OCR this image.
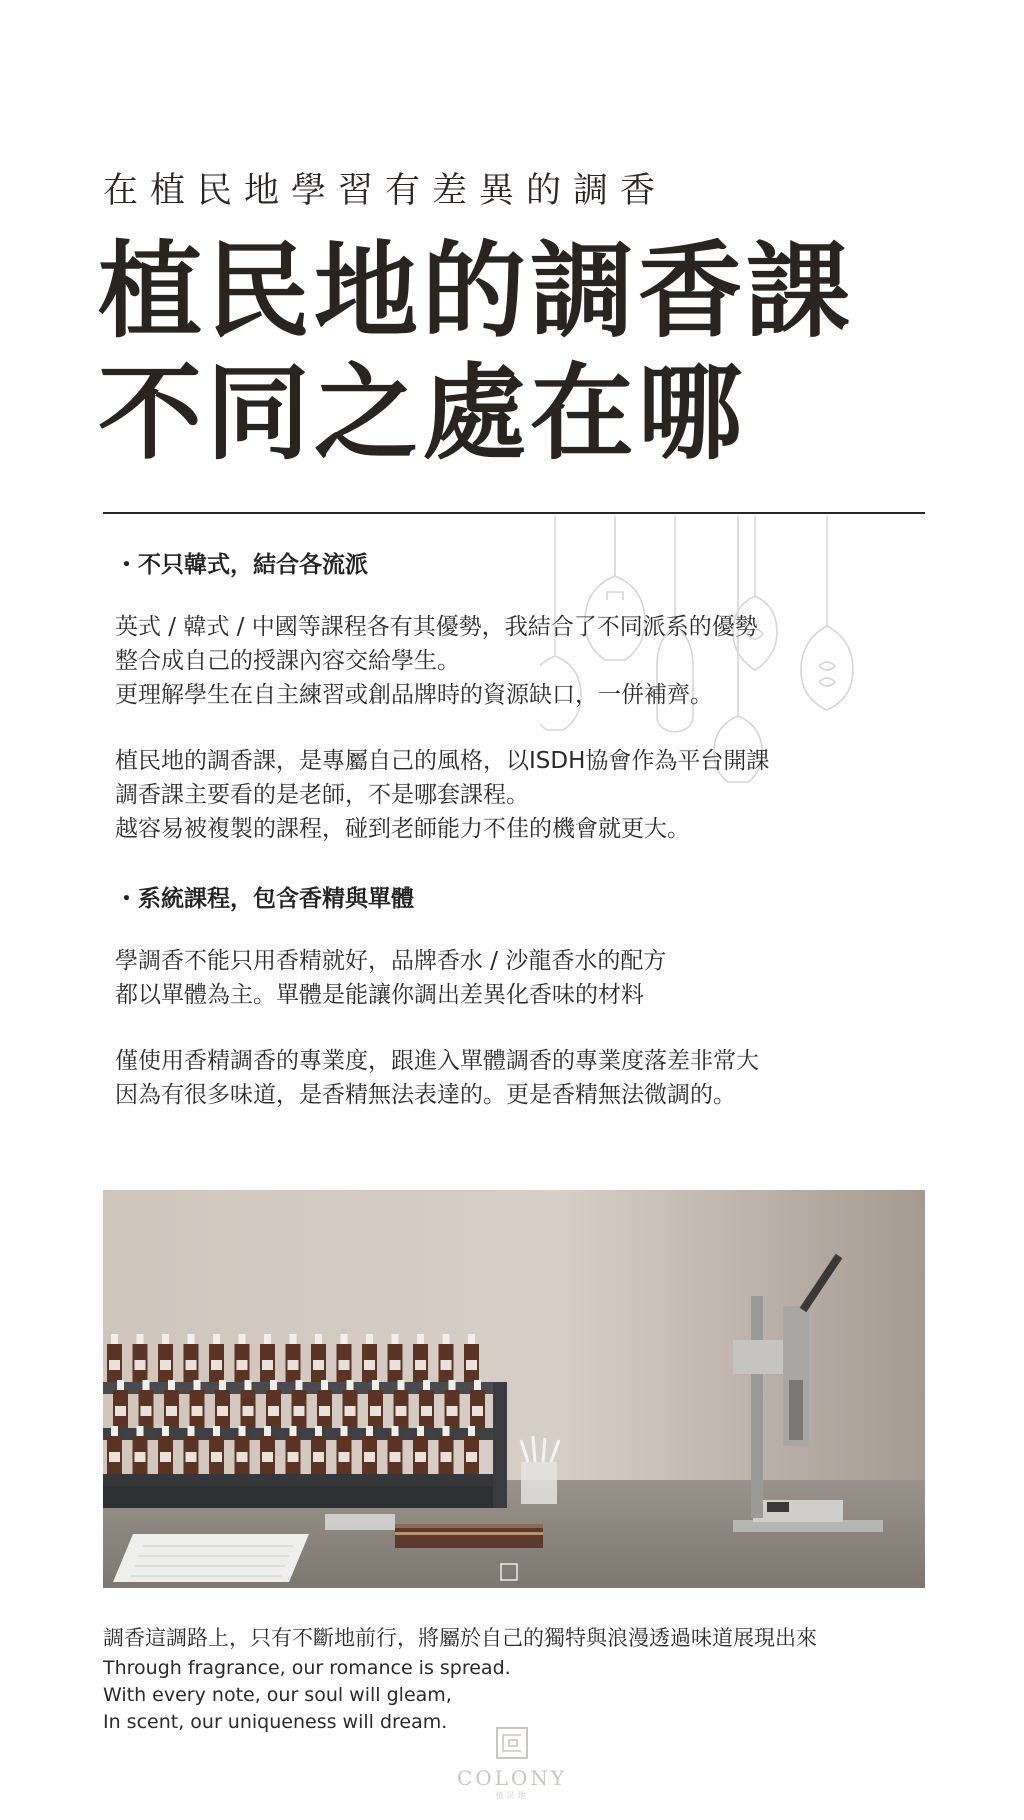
在植民地學習有差異的調香
植民地的調香課
不同之處在哪
・不只韓式，結合各流派
英式 / 韓式 / 中國等課程各有其優勢，我結合了不同派系的優勢
整合成自己的授課內容交給學生。
更理解學生在自主練習或創品牌時的資源缺口，一併補齊。
植民地的調香課，是專屬自己的風格，以ISDH協會作為平台開課
調香課主要看的是老師，不是哪套課程。
越容易被複製的課程，碰到老師能力不佳的機會就更大。
・系統課程，包含香精與單體
學調香不能只用香精就好，品牌香水 / 沙龍香水的配方
都以單體為主。單體是能讓你調出差異化香味的材料
僅使用香精調香的專業度，跟進入單體調香的專業度落差非常大
因為有很多味道，是香精無法表達的。更是香精無法微調的。
調香這調路上，只有不斷地前行，將屬於自己的獨特與浪漫透過味道展現出來
Through fragrance, our romance is spread.
With every note, our soul will gleam,
In scent, our uniqueness will dream.
COLONY
植民地
